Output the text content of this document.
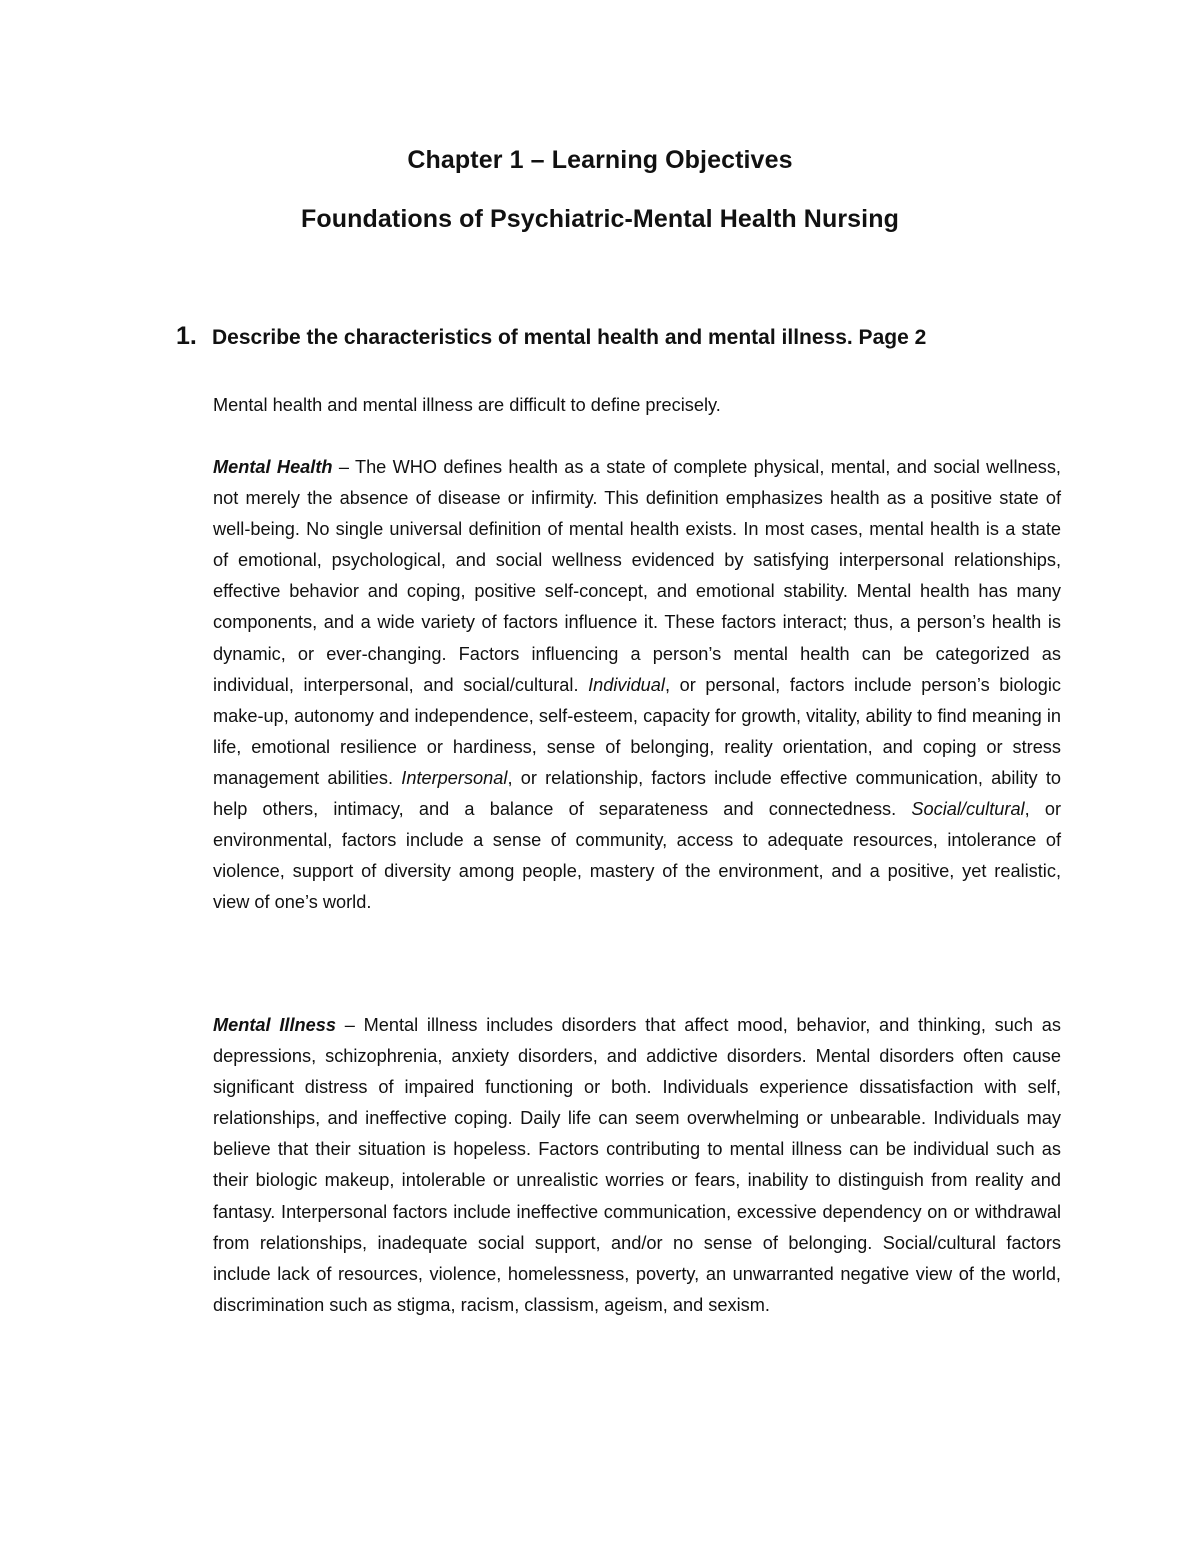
Chapter 1 – Learning Objectives
Foundations of Psychiatric-Mental Health Nursing
1. Describe the characteristics of mental health and mental illness. Page 2

Mental health and mental illness are difficult to define precisely.

Mental Health – The WHO defines health as a state of complete physical, mental, and social wellness, not merely the absence of disease or infirmity. This definition emphasizes health as a positive state of well-being. No single universal definition of mental health exists. In most cases, mental health is a state of emotional, psychological, and social wellness evidenced by satisfying interpersonal relationships, effective behavior and coping, positive self-concept, and emotional stability. Mental health has many components, and a wide variety of factors influence it. These factors interact; thus, a person’s health is dynamic, or ever-changing. Factors influencing a person’s mental health can be categorized as individual, interpersonal, and social/cultural. Individual, or personal, factors include person’s biologic make-up, autonomy and independence, self-esteem, capacity for growth, vitality, ability to find meaning in life, emotional resilience or hardiness, sense of belonging, reality orientation, and coping or stress management abilities. Interpersonal, or relationship, factors include effective communication, ability to help others, intimacy, and a balance of separateness and connectedness. Social/cultural, or environmental, factors include a sense of community, access to adequate resources, intolerance of violence, support of diversity among people, mastery of the environment, and a positive, yet realistic, view of one’s world.

Mental Illness – Mental illness includes disorders that affect mood, behavior, and thinking, such as depressions, schizophrenia, anxiety disorders, and addictive disorders. Mental disorders often cause significant distress of impaired functioning or both. Individuals experience dissatisfaction with self, relationships, and ineffective coping. Daily life can seem overwhelming or unbearable. Individuals may believe that their situation is hopeless. Factors contributing to mental illness can be individual such as their biologic makeup, intolerable or unrealistic worries or fears, inability to distinguish from reality and fantasy. Interpersonal factors include ineffective communication, excessive dependency on or withdrawal from relationships, inadequate social support, and/or no sense of belonging. Social/cultural factors include lack of resources, violence, homelessness, poverty, an unwarranted negative view of the world, discrimination such as stigma, racism, classism, ageism, and sexism.
